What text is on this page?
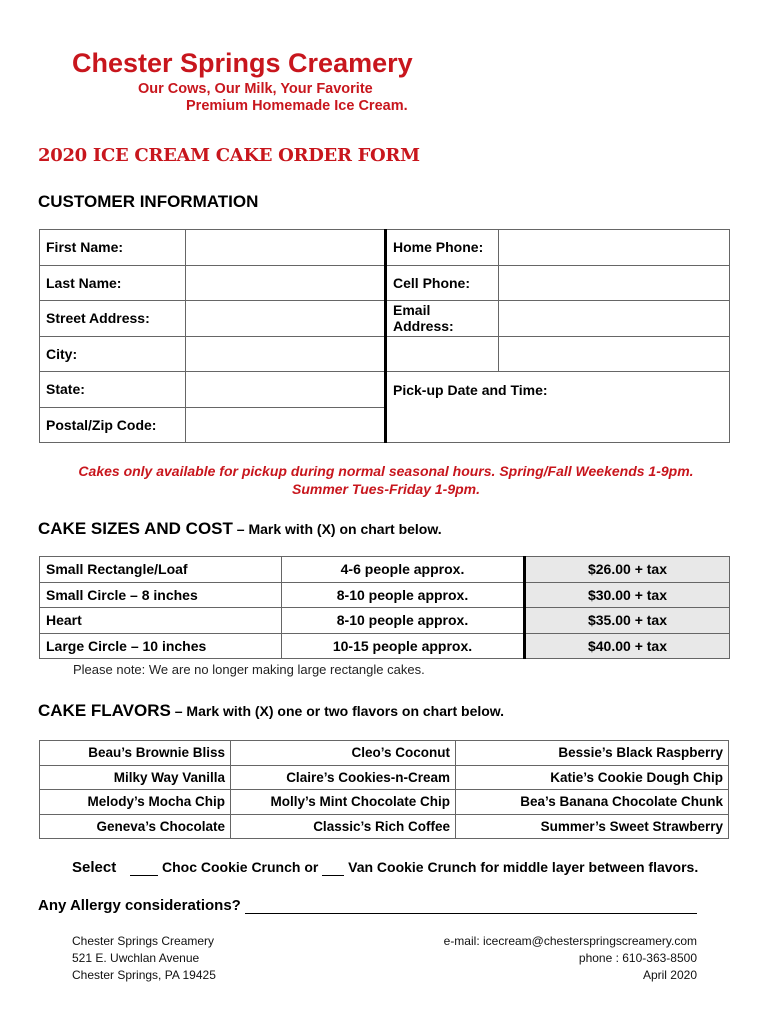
Chester Springs Creamery
Our Cows, Our Milk, Your Favorite
Premium Homemade Ice Cream.
2020 ICE CREAM CAKE ORDER FORM
CUSTOMER INFORMATION
First Name:		Home Phone:	
Last Name:		Cell Phone:	
Street Address:		Email Address:	
City:			
State:		Pick-up Date and Time:	
Postal/Zip Code:			
Cakes only available for pickup during normal seasonal hours. Spring/Fall Weekends 1-9pm.
Summer Tues-Friday 1-9pm.
CAKE SIZES AND COST – Mark with (X) on chart below.
Small Rectangle/Loaf	4-6 people approx.	$26.00 + tax
Small Circle – 8 inches	8-10 people approx.	$30.00 + tax
Heart	8-10 people approx.	$35.00 + tax
Large Circle – 10 inches	10-15 people approx.	$40.00 + tax
Please note: We are no longer making large rectangle cakes.
CAKE FLAVORS – Mark with (X) one or two flavors on chart below.
Beau’s Brownie Bliss	Cleo’s Coconut	Bessie’s Black Raspberry
Milky Way Vanilla	Claire’s Cookies-n-Cream	Katie’s Cookie Dough Chip
Melody’s Mocha Chip	Molly’s Mint Chocolate Chip	Bea’s Banana Chocolate Chunk
Geneva’s Chocolate	Classic’s Rich Coffee	Summer’s Sweet Strawberry
Select	Choc Cookie Crunch or Van Cookie Crunch for middle layer between flavors.
Any Allergy considerations?
Chester Springs Creamery
521 E. Uwchlan Avenue
Chester Springs, PA 19425
e-mail: icecream@chesterspringscreamery.com
phone : 610-363-8500
April 2020
